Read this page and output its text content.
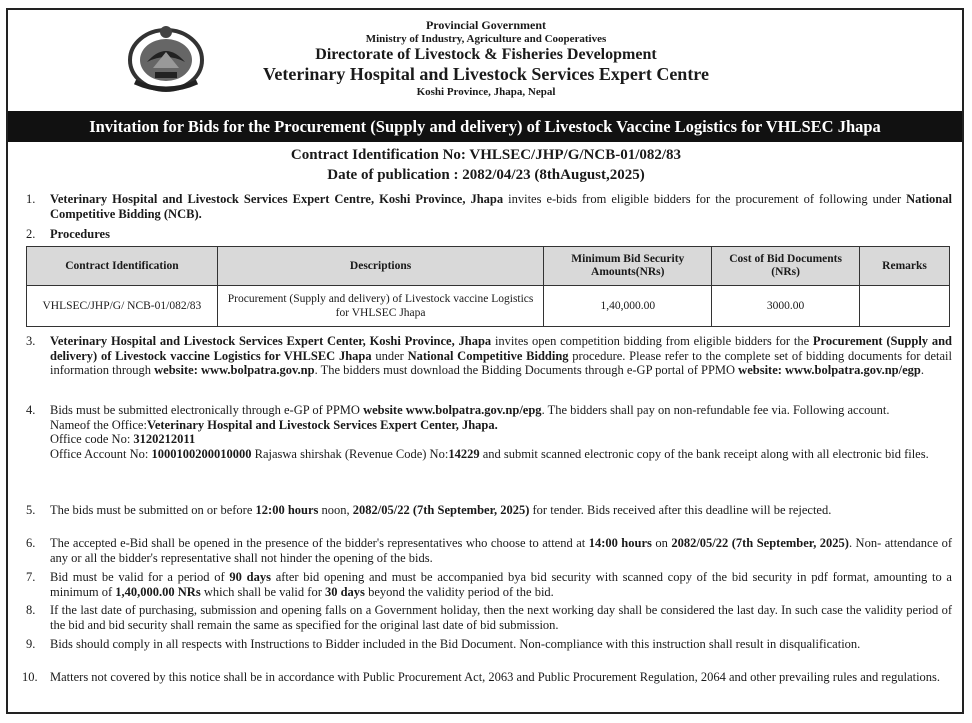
Provincial Government
Ministry of Industry, Agriculture and Cooperatives
Directorate of Livestock & Fisheries Development
Veterinary Hospital and Livestock Services Expert Centre
Koshi Province, Jhapa, Nepal
Invitation for Bids for the Procurement (Supply and delivery) of Livestock Vaccine Logistics for VHLSEC Jhapa
Contract Identification No: VHLSEC/JHP/G/NCB-01/082/83
Date of publication : 2082/04/23 (8thAugust,2025)
1. Veterinary Hospital and Livestock Services Expert Centre, Koshi Province, Jhapa invites e-bids from eligible bidders for the procurement of following under National Competitive Bidding (NCB).
2. Procedures
Contract Identification	Descriptions	Minimum Bid Security Amounts(NRs)	Cost of Bid Documents (NRs)	Remarks
VHLSEC/JHP/G/ NCB-01/082/83	Procurement (Supply and delivery) of Livestock vaccine Logistics for VHLSEC Jhapa	1,40,000.00	3000.00	
3. Veterinary Hospital and Livestock Services Expert Center, Koshi Province, Jhapa invites open competition bidding from eligible bidders for the Procurement (Supply and delivery) of Livestock vaccine Logistics for VHLSEC Jhapa under National Competitive Bidding procedure. Please refer to the complete set of bidding documents for detail information through website: www.bolpatra.gov.np. The bidders must download the Bidding Documents through e-GP portal of PPMO website: www.bolpatra.gov.np/egp.
4. Bids must be submitted electronically through e-GP of PPMO website www.bolpatra.gov.np/epg. The bidders shall pay on non-refundable fee via. Following account.
Nameof the Office:Veterinary Hospital and Livestock Services Expert Center, Jhapa.
Office code No: 3120212011
Office Account No: 1000100200010000 Rajaswa shirshak (Revenue Code) No:14229 and submit scanned electronic copy of the bank receipt along with all electronic bid files.
5. The bids must be submitted on or before 12:00 hours noon, 2082/05/22 (7th September, 2025) for tender. Bids received after this deadline will be rejected.
6. The accepted e-Bid shall be opened in the presence of the bidder's representatives who choose to attend at 14:00 hours on 2082/05/22 (7th September, 2025). Non- attendance of any or all the bidder's representative shall not hinder the opening of the bids.
7. Bid must be valid for a period of 90 days after bid opening and must be accompanied bya bid security with scanned copy of the bid security in pdf format, amounting to a minimum of 1,40,000.00 NRs which shall be valid for 30 days beyond the validity period of the bid.
8. If the last date of purchasing, submission and opening falls on a Government holiday, then the next working day shall be considered the last day. In such case the validity period of the bid and bid security shall remain the same as specified for the original last date of bid submission.
9. Bids should comply in all respects with Instructions to Bidder included in the Bid Document. Non-compliance with this instruction shall result in disqualification.
10. Matters not covered by this notice shall be in accordance with Public Procurement Act, 2063 and Public Procurement Regulation, 2064 and other prevailing rules and regulations.
